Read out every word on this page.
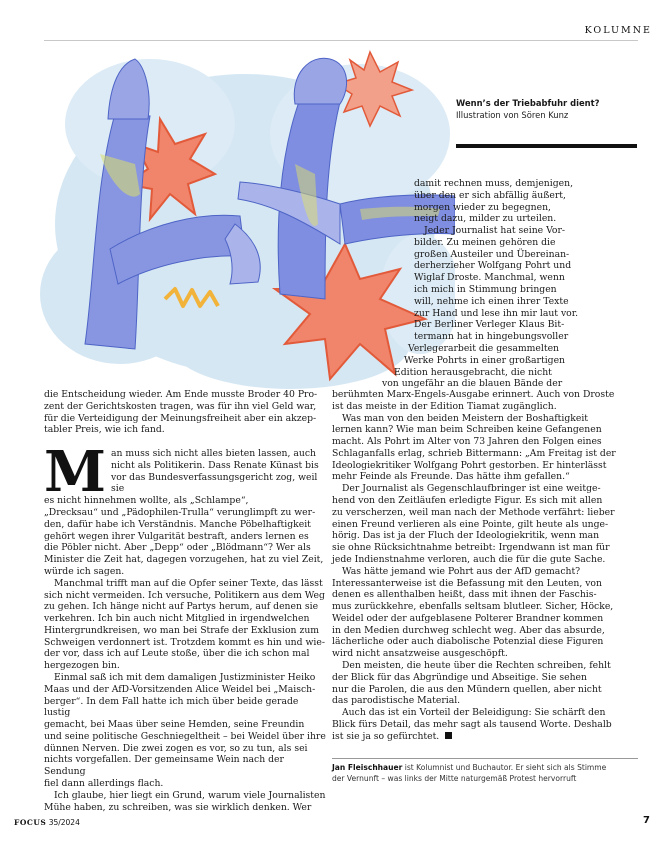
KOLUMNE
Wenn’s der Triebabfuhr dient?
Illustration von Sören Kunz

damit rechnen muss, demjenigen,

über den er sich abfällig äußert,

morgen wieder zu begegnen,

neigt dazu, milder zu urteilen.

Jeder Journalist hat seine Vor-

bilder. Zu meinen gehören die

großen Austeiler und Übereinan-

derherzieher Wolfgang Pohrt und

Wiglaf Droste. Manchmal, wenn

ich mich in Stimmung bringen

will, nehme ich einen ihrer Texte

zur Hand und lese ihn mir laut vor.

Der Berliner Verleger Klaus Bit-

termann hat in hingebungsvoller

Verlegerarbeit die gesammelten

Werke Pohrts in einer großartigen

Edition herausgebracht, die nicht

von ungefähr an die blauen Bände der

die Entscheidung wieder. Am Ende musste Broder 40 Pro-

zent der Gerichtskosten tragen, was für ihn viel Geld war,

für die Verteidigung der Meinungsfreiheit aber ein akzep-

tabler Preis, wie ich fand.

M an muss sich nicht alles bieten lassen, auch

nicht als Politikerin. Dass Renate Künast bis

vor das Bundesverfassungsgericht zog, weil sie

es nicht hinnehmen wollte, als „Schlampe“,

„Drecksau“ und „Pädophilen-Trulla“ verunglimpft zu wer-

den, dafür habe ich Verständnis. Manche Pöbelhaftigkeit

gehört wegen ihrer Vulgarität bestraft, anders lernen es

die Pöbler nicht. Aber „Depp“ oder „Blödmann“? Wer als

Minister die Zeit hat, dagegen vorzugehen, hat zu viel Zeit,

würde ich sagen.

Manchmal trifft man auf die Opfer seiner Texte, das lässt

sich nicht vermeiden. Ich versuche, Politikern aus dem Weg

zu gehen. Ich hänge nicht auf Partys herum, auf denen sie

verkehren. Ich bin auch nicht Mitglied in irgendwelchen

Hintergrundkreisen, wo man bei Strafe der Exklusion zum

Schweigen verdonnert ist. Trotzdem kommt es hin und wie-

der vor, dass ich auf Leute stoße, über die ich schon mal

hergezogen bin.

Einmal saß ich mit dem damaligen Justizminister Heiko

Maas und der AfD-Vorsitzenden Alice Weidel bei „Maisch-

berger“. In dem Fall hatte ich mich über beide gerade lustig

gemacht, bei Maas über seine Hemden, seine Freundin

und seine politische Geschniegeltheit – bei Weidel über ihre

dünnen Nerven. Die zwei zogen es vor, so zu tun, als sei

nichts vorgefallen. Der gemeinsame Wein nach der Sendung

fiel dann allerdings flach.

Ich glaube, hier liegt ein Grund, warum viele Journalisten

Mühe haben, zu schreiben, was sie wirklich denken. Wer

berühmten Marx-Engels-Ausgabe erinnert. Auch von Droste

ist das meiste in der Edition Tiamat zugänglich.

Was man von den beiden Meistern der Boshaftigkeit

lernen kann? Wie man beim Schreiben keine Gefangenen

macht. Als Pohrt im Alter von 73 Jahren den Folgen eines

Schlaganfalls erlag, schrieb Bittermann: „Am Freitag ist der

Ideologiekritiker Wolfgang Pohrt gestorben. Er hinterlässt

mehr Feinde als Freunde. Das hätte ihm gefallen.“

Der Journalist als Gegenschlaufbringer ist eine weitge-

hend von den Zeitläufen erledigte Figur. Es sich mit allen

zu verscherzen, weil man nach der Methode verfährt: lieber

einen Freund verlieren als eine Pointe, gilt heute als unge-

hörig. Das ist ja der Fluch der Ideologiekritik, wenn man

sie ohne Rücksichtnahme betreibt: Irgendwann ist man für

jede Indienstnahme verloren, auch die für die gute Sache.

Was hätte jemand wie Pohrt aus der AfD gemacht?

Interessanterweise ist die Befassung mit den Leuten, von

denen es allenthalben heißt, dass mit ihnen der Faschis-

mus zurückkehre, ebenfalls seltsam blutleer. Sicher, Höcke,

Weidel oder der aufgeblasene Polterer Brandner kommen

in den Medien durchweg schlecht weg. Aber das absurde,

lächerliche oder auch diabolische Potenzial diese Figuren

wird nicht ansatzweise ausgeschöpft.

Den meisten, die heute über die Rechten schreiben, fehlt

der Blick für das Abgründige und Abseitige. Sie sehen

nur die Parolen, die aus den Mündern quellen, aber nicht

das parodistische Material.

Auch das ist ein Vorteil der Beleidigung: Sie schärft den

Blick fürs Detail, das mehr sagt als tausend Worte. Deshalb

ist sie ja so gefürchtet.

Jan Fleischhauer ist Kolumnist und Buchautor. Er sieht sich als Stimme
der Vernunft – was links der Mitte naturgemäß Protest hervorruft
FOCUS 35/2024	7
